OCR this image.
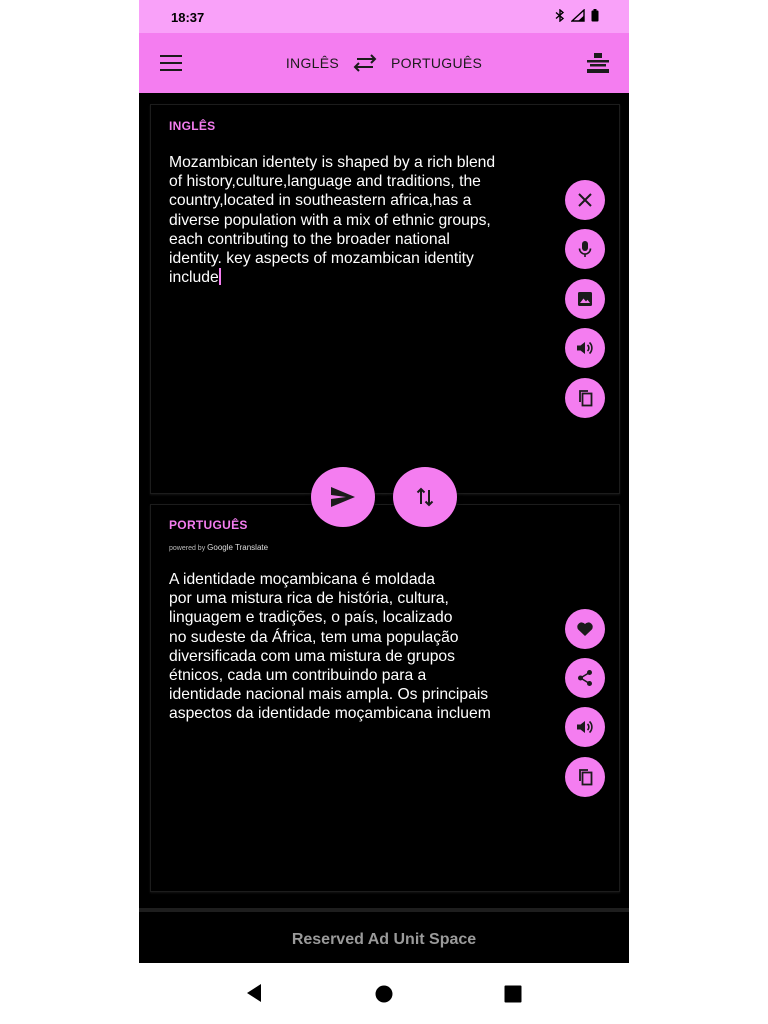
18:37
INGLÊS	PORTUGUÊS
INGLÊS
Mozambican identety is shaped by a rich blend
of history,culture,language and traditions, the
country,located in southeastern africa,has a
diverse population with a mix of ethnic groups,
each contributing to the broader national
identity. key aspects of mozambican identity
include
PORTUGUÊS
powered by Google Translate
A identidade moçambicana é moldada
por uma mistura rica de história, cultura,
linguagem e tradições, o país, localizado
no sudeste da África, tem uma população
diversificada com uma mistura de grupos
étnicos, cada um contribuindo para a
identidade nacional mais ampla. Os principais
aspectos da identidade moçambicana incluem
Reserved Ad Unit Space
